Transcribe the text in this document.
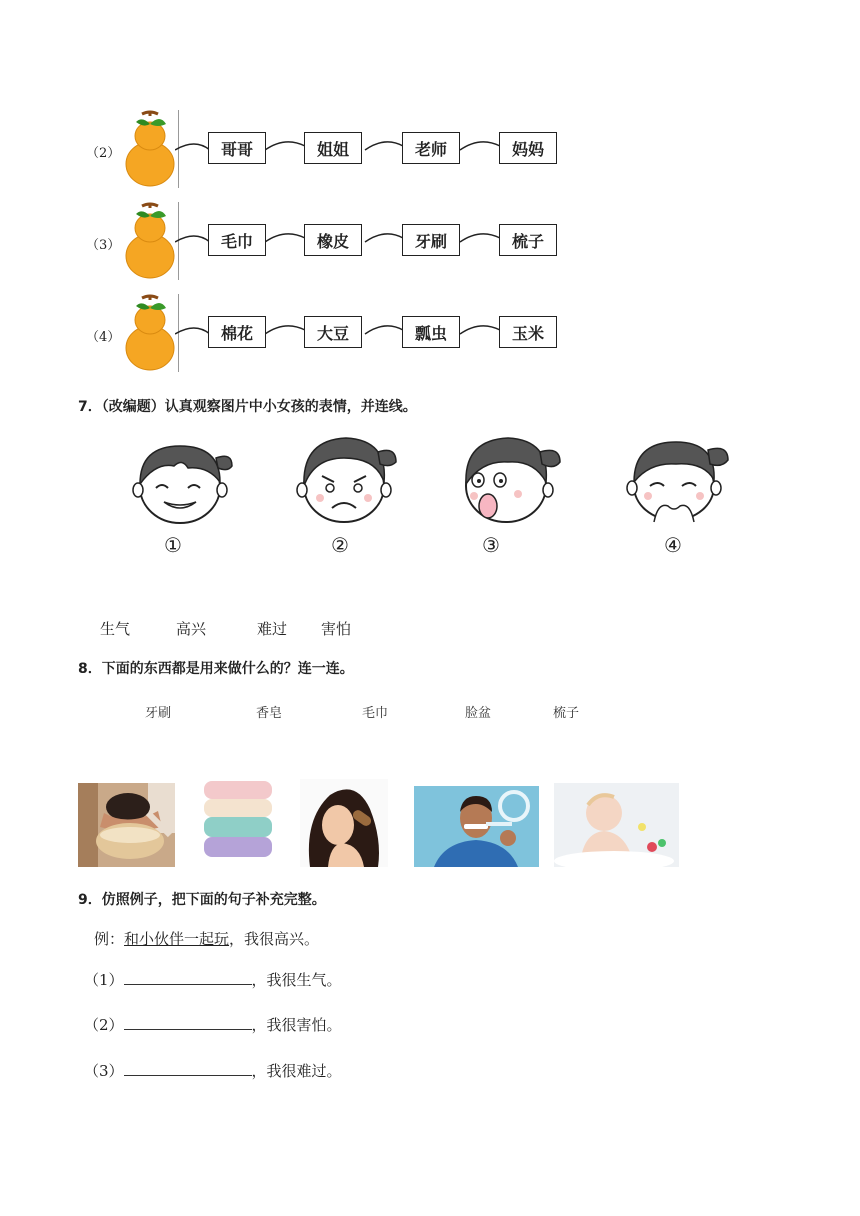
（2）	哥哥	姐姐	老师	妈妈
（3）	毛巾	橡皮	牙刷	梳子
（4）	棉花	大豆	瓢虫	玉米
7．（改编题）认真观察图片中小女孩的表情，并连线。
①	②	③	④
生气	高兴	难过 害怕
8．下面的东西都是用来做什么的？连一连。
牙刷	香皂	毛巾	脸盆	梳子
9．仿照例子，把下面的句子补充完整。
例：和小伙伴一起玩，我很高兴。
（1）	，我很生气。
（2）	，我很害怕。
（3）	，我很难过。
